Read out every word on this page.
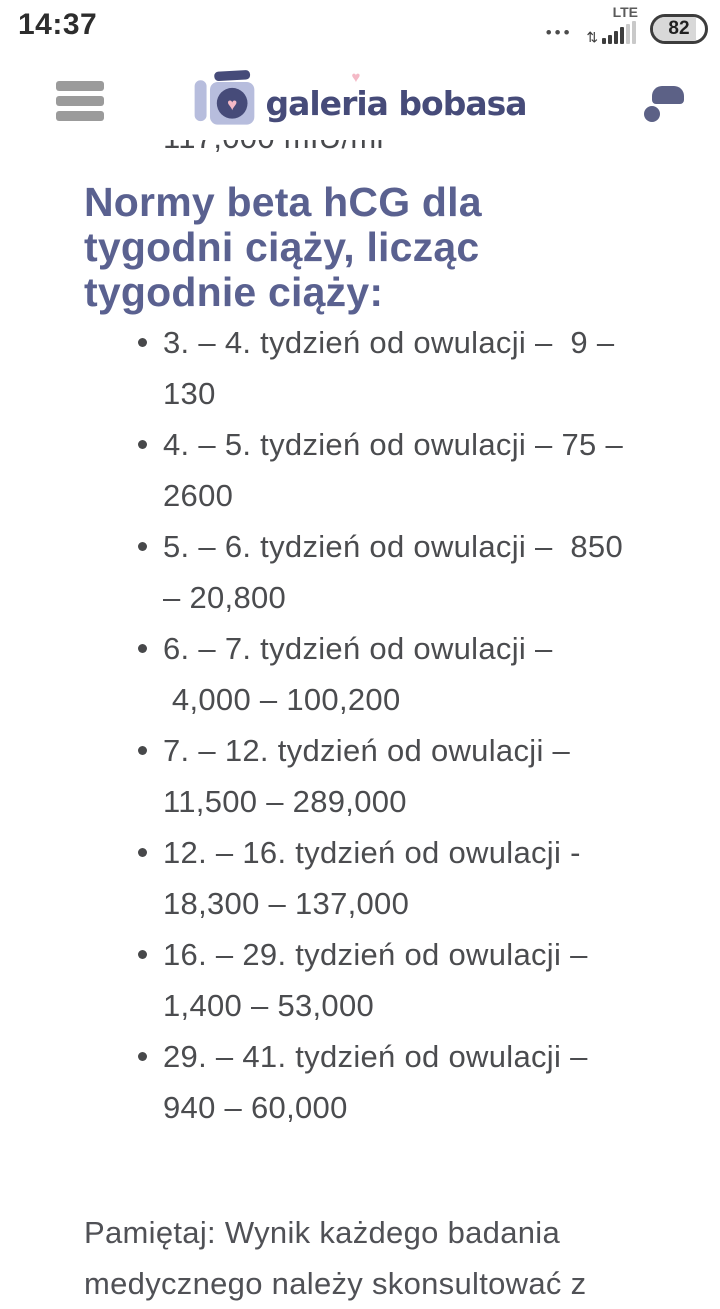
Normy beta hCG dla
tygodni ciąży, licząc
tygodnie ciąży:
3. – 4. tydzień od owulacji –  9 –
130
4. – 5. tydzień od owulacji – 75 –
2600
5. – 6. tydzień od owulacji –  850
– 20,800
6. – 7. tydzień od owulacji –
4,000 – 100,200
7. – 12. tydzień od owulacji –
11,500 – 289,000
12. – 16. tydzień od owulacji -
18,300 – 137,000
16. – 29. tydzień od owulacji –
1,400 – 53,000
29. – 41. tydzień od owulacji –
940 – 60,000

Pamiętaj: Wynik każdego badania
medycznego należy skonsultować z

14:37	•••
LTE
⇅	82
♥ galeria bobasa
♥
